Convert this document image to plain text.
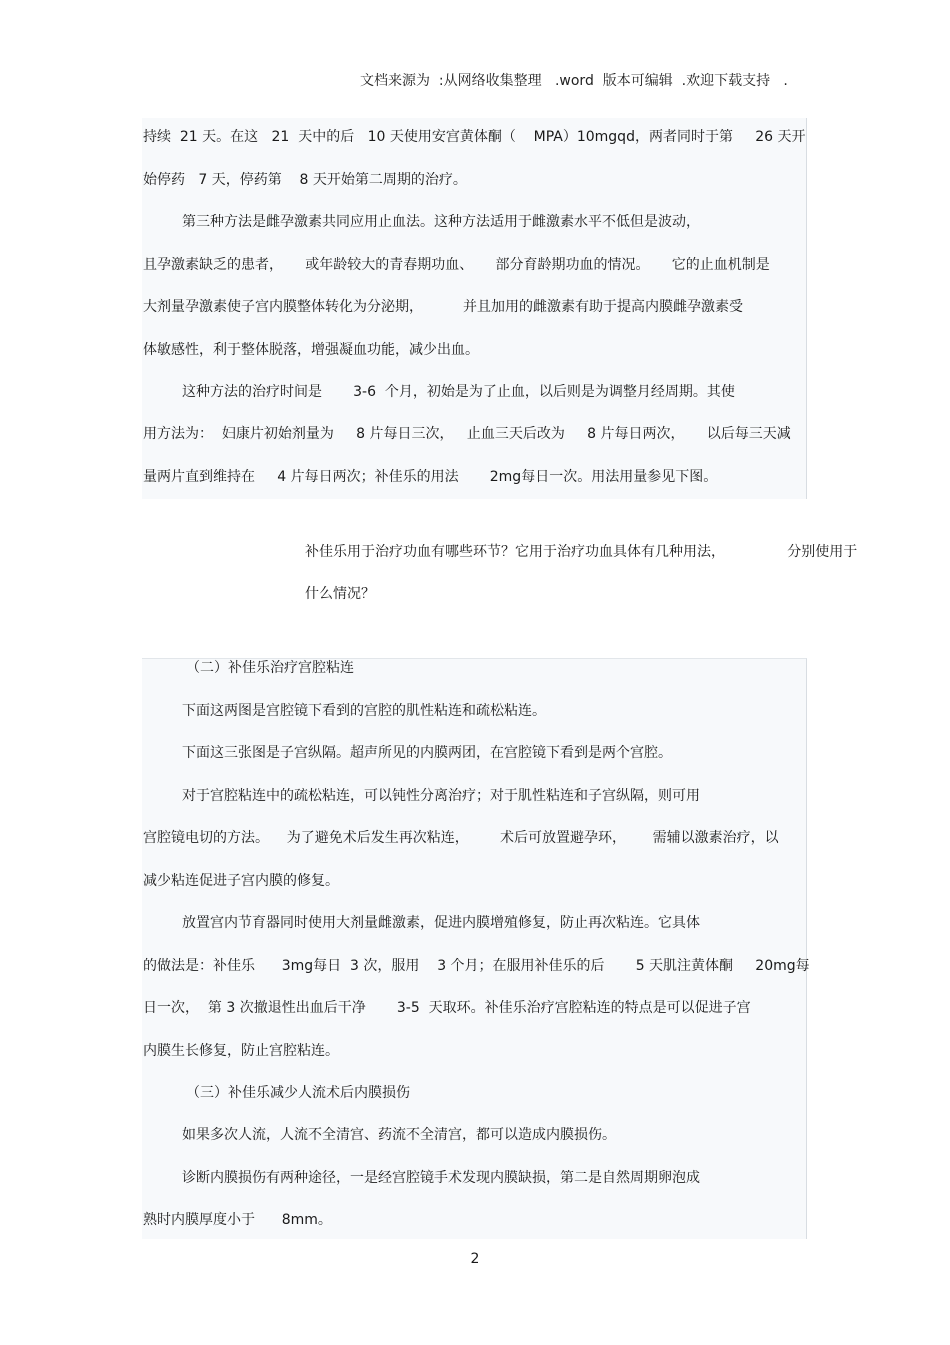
文档来源为  :从网络收集整理   .word  版本可编辑  .欢迎下载支持   .
持续  21 天。在这   21  天中的后   10 天使用安宫黄体酮（    MPA）10mgqd，两者同时于第     26 天开
始停药   7 天，停药第    8 天开始第二周期的治疗。
第三种方法是雌孕激素共同应用止血法。这种方法适用于雌激素水平不低但是波动，
且孕激素缺乏的患者，     或年龄较大的青春期功血、     部分育龄期功血的情况。     它的止血机制是
大剂量孕激素使子宫内膜整体转化为分泌期，         并且加用的雌激素有助于提高内膜雌孕激素受
体敏感性，利于整体脱落，增强凝血功能，减少出血。
这种方法的治疗时间是       3-6  个月，初始是为了止血，以后则是为调整月经周期。其使
用方法为：  妇康片初始剂量为     8 片每日三次，   止血三天后改为     8 片每日两次，     以后每三天减
量两片直到维持在     4 片每日两次；补佳乐的用法       2mg每日一次。用法用量参见下图。
补佳乐用于治疗功血有哪些环节？它用于治疗功血具体有几种用法，              分别使用于
什么情况？
（二）补佳乐治疗宫腔粘连
下面这两图是宫腔镜下看到的宫腔的肌性粘连和疏松粘连。
下面这三张图是子宫纵隔。超声所见的内膜两团，在宫腔镜下看到是两个宫腔。
对于宫腔粘连中的疏松粘连，可以钝性分离治疗；对于肌性粘连和子宫纵隔，则可用
宫腔镜电切的方法。    为了避免术后发生再次粘连，       术后可放置避孕环，      需辅以激素治疗，以
减少粘连促进子宫内膜的修复。
放置宫内节育器同时使用大剂量雌激素，促进内膜增殖修复，防止再次粘连。它具体
的做法是：补佳乐      3mg每日  3 次，服用    3 个月；在服用补佳乐的后       5 天肌注黄体酮     20mg每
日一次，  第 3 次撤退性出血后干净       3-5  天取环。补佳乐治疗宫腔粘连的特点是可以促进子宫
内膜生长修复，防止宫腔粘连。
（三）补佳乐减少人流术后内膜损伤
如果多次人流，人流不全清宫、药流不全清宫，都可以造成内膜损伤。
诊断内膜损伤有两种途径，一是经宫腔镜手术发现内膜缺损，第二是自然周期卵泡成
熟时内膜厚度小于      8mm。
2
